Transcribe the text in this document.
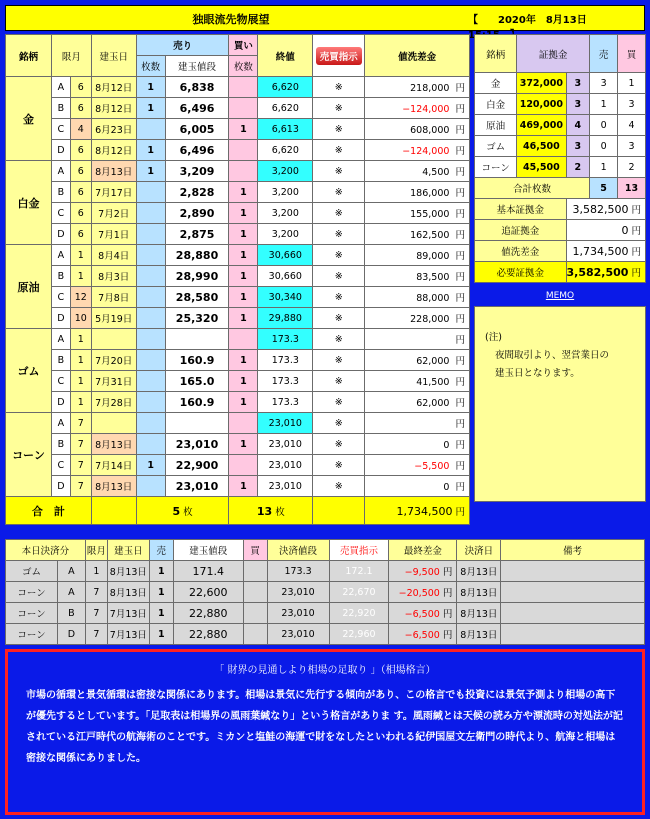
独眼流先物展望	【　　2020年　8月13日　　　
銘柄	限月		建玉日	売り		買い	終値	売買指示	値洗差金
				枚数	建玉値段	枚数			
金	A	6	8月12日	1	6,838		6,620	※	218,000 円
	B	6	8月12日	1	6,496		6,620	※	−124,000 円
	C	4	6月23日		6,005	1	6,613	※	608,000 円
	D	6	8月12日	1	6,496		6,620	※	−124,000 円
白金	A	6	8月13日	1	3,209		3,200	※	4,500 円
	B	6	7月17日		2,828	1	3,200	※	186,000 円
	C	6	7月2日		2,890	1	3,200	※	155,000 円
	D	6	7月1日		2,875	1	3,200	※	162,500 円
原油	A	1	8月4日		28,880	1	30,660	※	89,000 円
	B	1	8月3日		28,990	1	30,660	※	83,500 円
	C	12	7月8日		28,580	1	30,340	※	88,000 円
	D	10	5月19日		25,320	1	29,880	※	228,000 円
ゴム	A	1					173.3	※	円
	B	1	7月20日		160.9	1	173.3	※	62,000 円
	C	1	7月31日		165.0	1	173.3	※	41,500 円
	D	1	7月28日		160.9	1	173.3	※	62,000 円
コーン	A	7					23,010	※	円
	B	7	8月13日		23,010	1	23,010	※	0 円
	C	7	7月14日	1	22,900		23,010	※	−5,500 円
	D	7	8月13日		23,010	1	23,010	※	0 円
合　計				5 枚		13 枚			1,734,500 円
銘柄	証拠金		売	買
金	372,000	3	3	1
白金	120,000	3	1	3
原油	469,000	4	0	4
ゴム	46,500	3	0	3
コーン	45,500	2	1	2
合計枚数			5	13
基本証拠金		3,582,500 円		
追証拠金		0 円		
値洗差金		1,734,500 円		
必要証拠金		3,582,500 円		
MEMO
(注)
夜間取引より、翌営業日の
建玉日となります。
本日決済分		限月	建玉日	売	建玉値段	買	決済値段	売買指示	最終差金	決済日	備考
ゴム	A	1	8月13日	1	171.4		173.3	172.1	−9,500 円	8月13日	
コーン	A	7	8月13日	1	22,600		23,010	22,670	−20,500 円	8月13日	
コーン	B	7	7月13日	1	22,880		23,010	22,920	−6,500 円	8月13日	
コーン	D	7	7月13日	1	22,880		23,010	22,960	−6,500 円	8月13日	
「 財界の見通しより相場の足取り 」（相場格言）
市場の循環と景気循環は密接な関係にあります。相場は景気に先行する傾向があり、この格言でも投資には景気予測より相場の高下が優先するとしています。「足取表は相場界の風雨葉緘なり」という格言がありま す。風雨緘とは天候の読み方や漂流時の対処法が記されている江戸時代の航海術のことです。ミカンと塩鮭の海運で財をなしたといわれる紀伊国屋文左衛門の時代より、航海と相場は密接な関係にありました。
